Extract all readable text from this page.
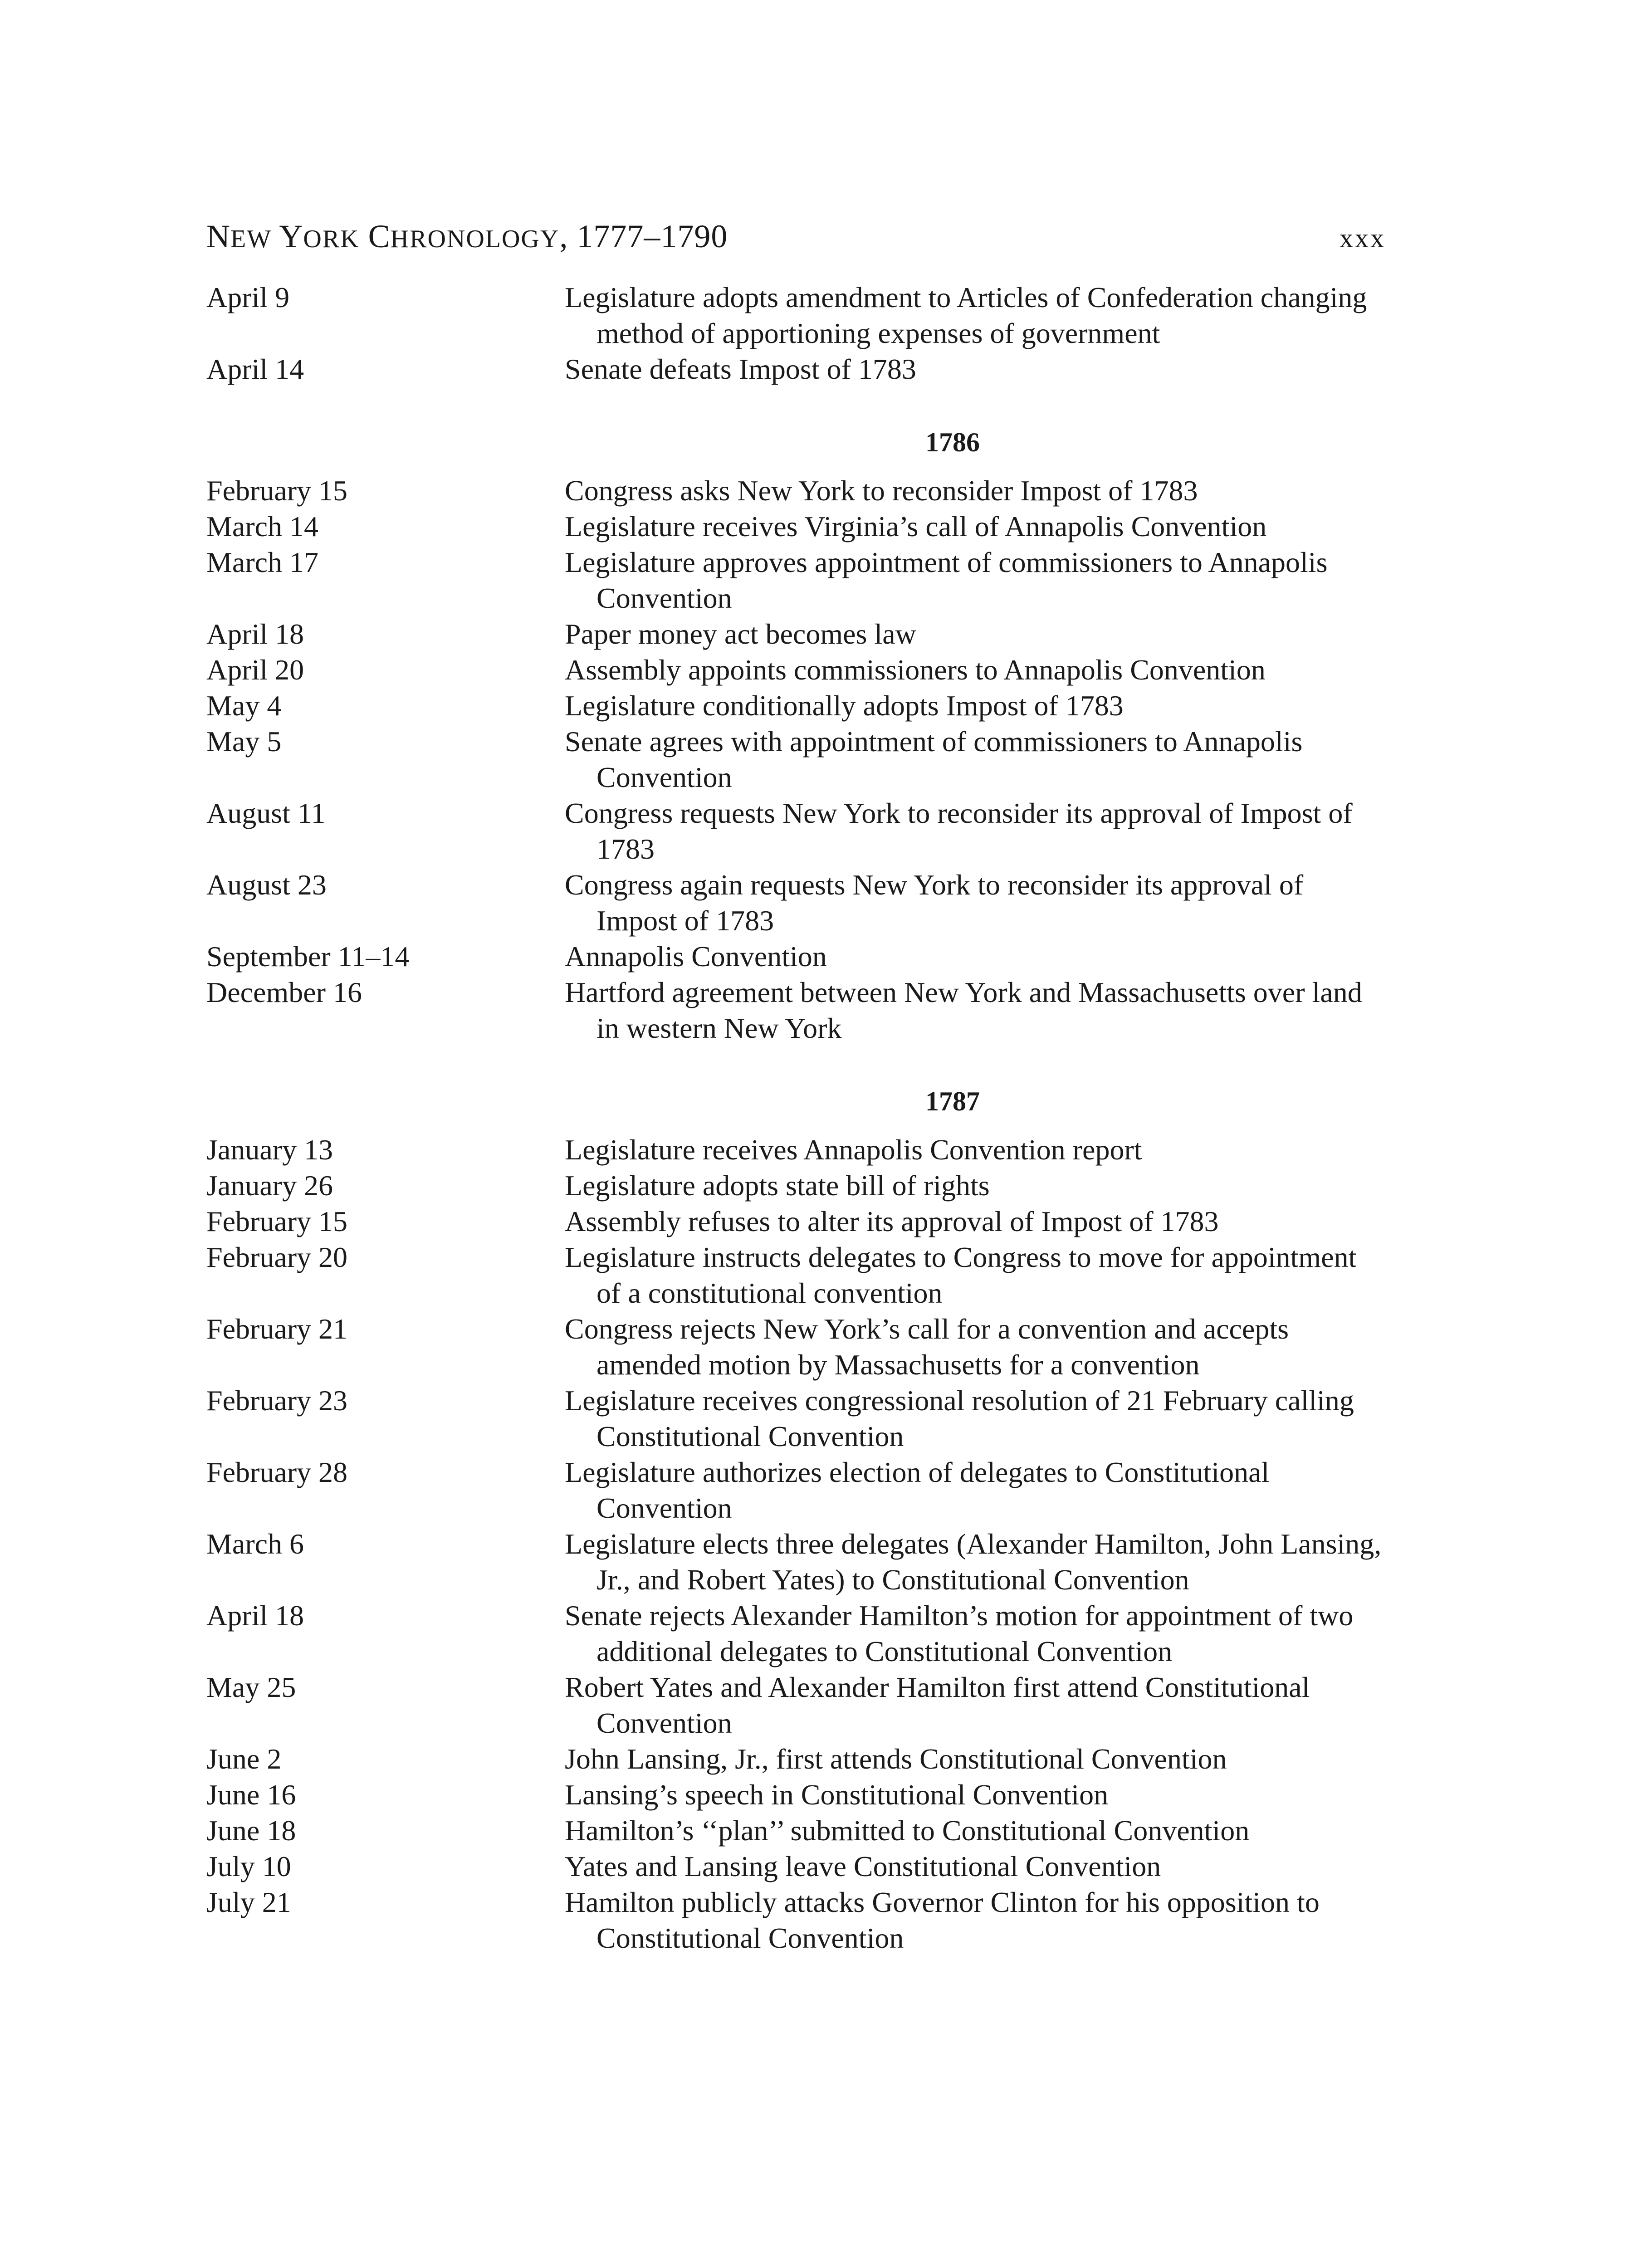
NEW YORK CHRONOLOGY, 1777–1790	xxx
April 9	Legislature adopts amendment to Articles of Confederation changing method of apportioning expenses of government
April 14	Senate defeats Impost of 1783
1786
February 15	Congress asks New York to reconsider Impost of 1783
March 14	Legislature receives Virginia’s call of Annapolis Convention
March 17	Legislature approves appointment of commissioners to Annapolis Convention
April 18	Paper money act becomes law
April 20	Assembly appoints commissioners to Annapolis Convention
May 4	Legislature conditionally adopts Impost of 1783
May 5	Senate agrees with appointment of commissioners to Annapolis Convention
August 11	Congress requests New York to reconsider its approval of Impost of 1783
August 23	Congress again requests New York to reconsider its approval of Impost of 1783
September 11–14	Annapolis Convention
December 16	Hartford agreement between New York and Massachusetts over land in western New York
1787
January 13	Legislature receives Annapolis Convention report
January 26	Legislature adopts state bill of rights
February 15	Assembly refuses to alter its approval of Impost of 1783
February 20	Legislature instructs delegates to Congress to move for appointment of a constitutional convention
February 21	Congress rejects New York’s call for a convention and accepts amended motion by Massachusetts for a convention
February 23	Legislature receives congressional resolution of 21 February calling Constitutional Convention
February 28	Legislature authorizes election of delegates to Constitutional Convention
March 6	Legislature elects three delegates (Alexander Hamilton, John Lansing, Jr., and Robert Yates) to Constitutional Convention
April 18	Senate rejects Alexander Hamilton’s motion for appointment of two additional delegates to Constitutional Convention
May 25	Robert Yates and Alexander Hamilton first attend Constitutional Convention
June 2	John Lansing, Jr., first attends Constitutional Convention
June 16	Lansing’s speech in Constitutional Convention
June 18	Hamilton’s ‘‘plan’’ submitted to Constitutional Convention
July 10	Yates and Lansing leave Constitutional Convention
July 21	Hamilton publicly attacks Governor Clinton for his opposition to Constitutional Convention
